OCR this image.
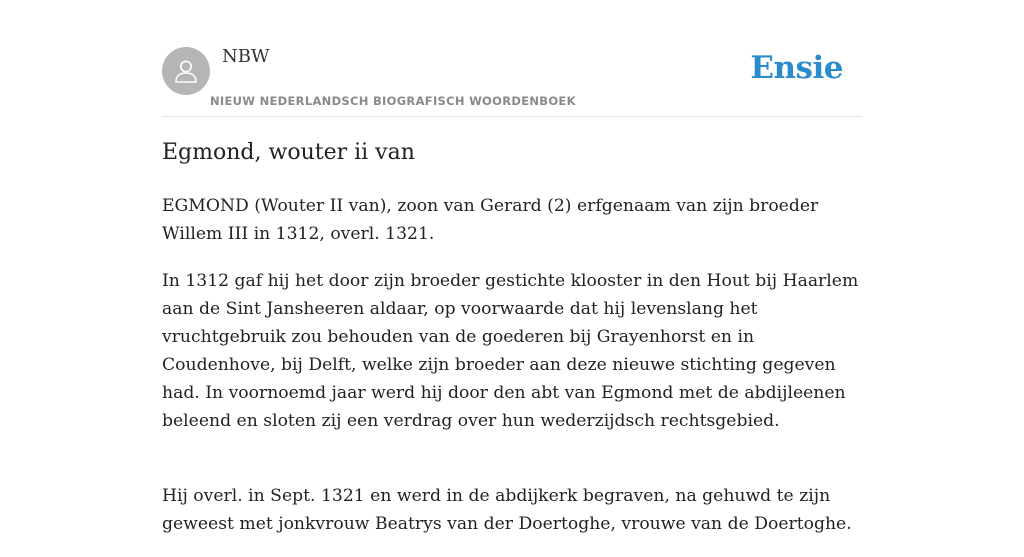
NBW
NIEUW NEDERLANDSCH BIOGRAFISCH WOORDENBOEK
Ensie
Egmond, wouter ii van

EGMOND (Wouter II van), zoon van Gerard (2) erfgenaam van zijn broeder Willem III in 1312, overl. 1321.

In 1312 gaf hij het door zijn broeder gestichte klooster in den Hout bij Haarlem aan de Sint Jansheeren aldaar, op voorwaarde dat hij levenslang het vruchtgebruik zou behouden van de goederen bij Grayenhorst en in Coudenhove, bij Delft, welke zijn broeder aan deze nieuwe stichting gegeven had. In voornoemd jaar werd hij door den abt van Egmond met de abdijleenen beleend en sloten zij een verdrag over hun wederzijdsch rechtsgebied.

Hij overl. in Sept. 1321 en werd in de abdijkerk begraven, na gehuwd te zijn geweest met jonkvrouw Beatrys van der Doertoghe, vrouwe van de Doertoghe.
